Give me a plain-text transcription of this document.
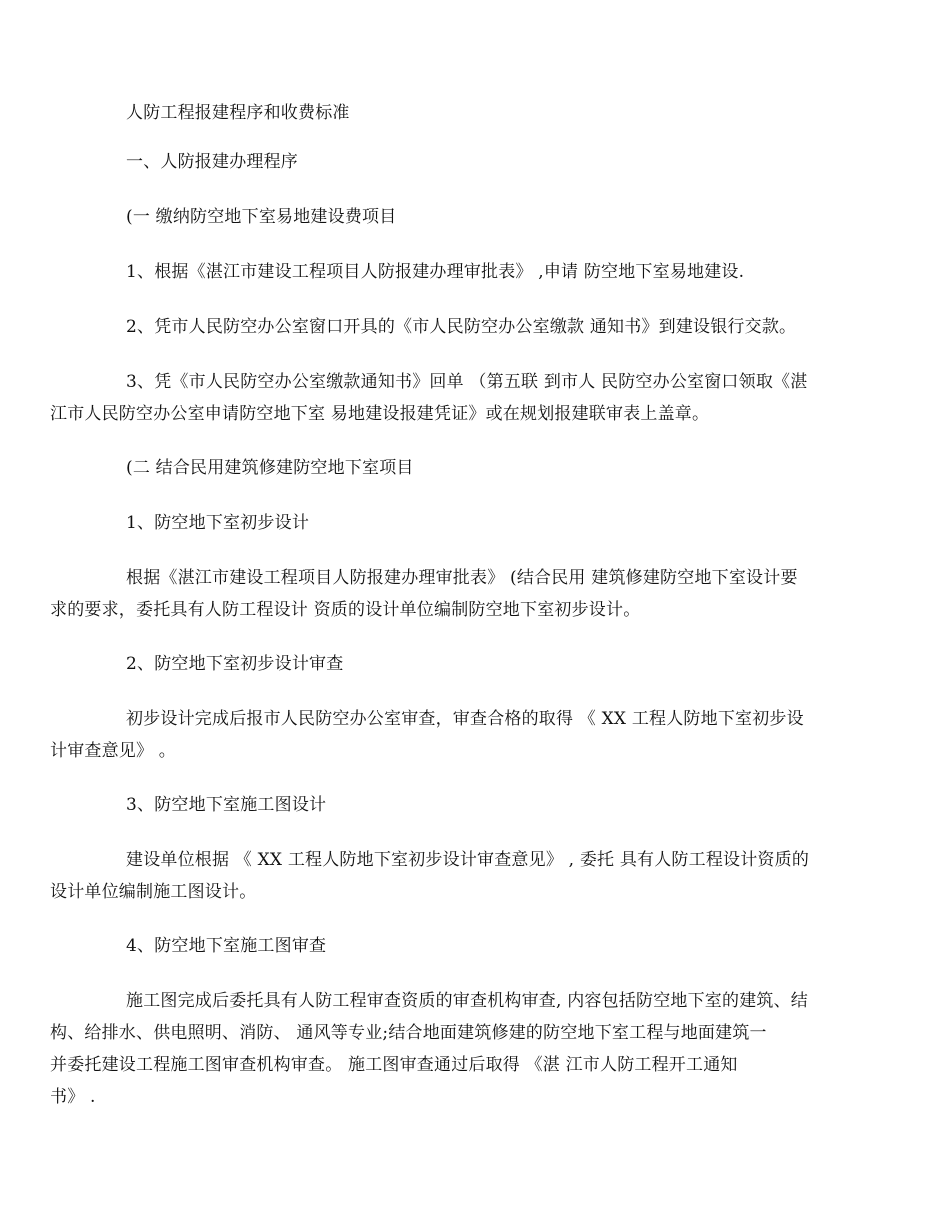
人防工程报建程序和收费标准

一、人防报建办理程序

(一 缴纳防空地下室易地建设费项目

1、根据《湛江市建设工程项目人防报建办理审批表》 ,申请 防空地下室易地建设.

2、凭市人民防空办公室窗口开具的《市人民防空办公室缴款 通知书》到建设银行交款。

3、凭《市人民防空办公室缴款通知书》回单 （第五联 到市人 民防空办公室窗口领取《湛
江市人民防空办公室申请防空地下室 易地建设报建凭证》或在规划报建联审表上盖章。

(二 结合民用建筑修建防空地下室项目

1、防空地下室初步设计

根据《湛江市建设工程项目人防报建办理审批表》 (结合民用 建筑修建防空地下室设计要
求的要求，委托具有人防工程设计 资质的设计单位编制防空地下室初步设计。

2、防空地下室初步设计审查

初步设计完成后报市人民防空办公室审查，审查合格的取得 《 XX 工程人防地下室初步设
计审查意见》 。

3、防空地下室施工图设计

建设单位根据 《 XX 工程人防地下室初步设计审查意见》 , 委托 具有人防工程设计资质的
设计单位编制施工图设计。

4、防空地下室施工图审查

施工图完成后委托具有人防工程审查资质的审查机构审查, 内容包括防空地下室的建筑、结
构、给排水、供电照明、消防、 通风等专业;结合地面建筑修建的防空地下室工程与地面建筑一
并委托建设工程施工图审查机构审查。 施工图审查通过后取得 《湛 江市人防工程开工通知
书》 .
